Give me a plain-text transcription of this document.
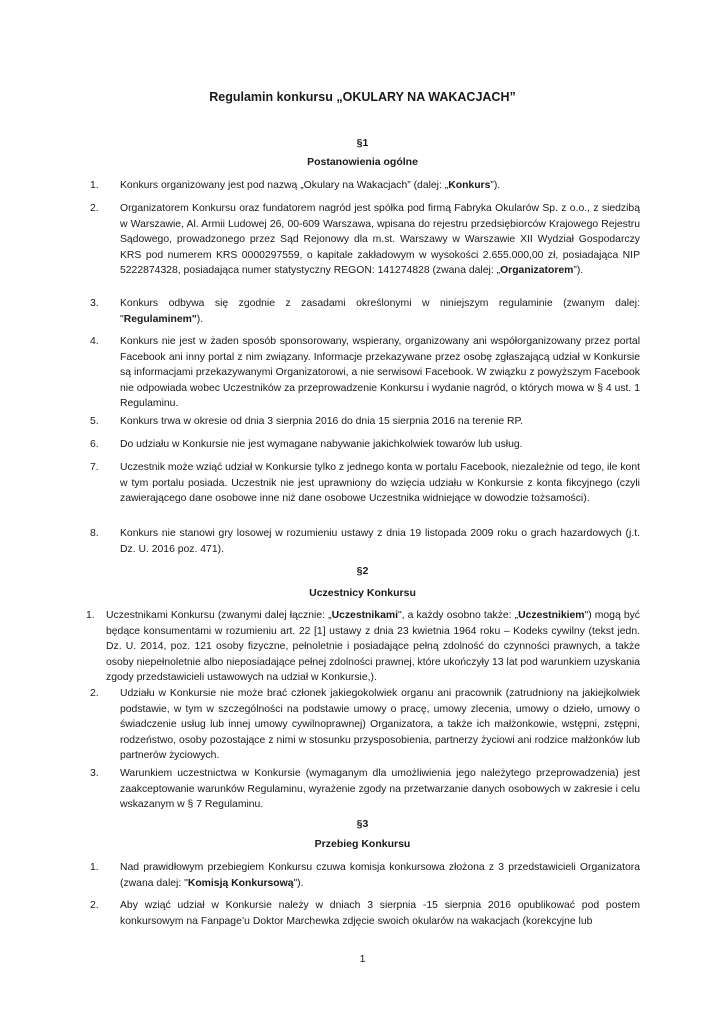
Regulamin konkursu „OKULARY NA WAKACJACH”
§1
Postanowienia ogólne
1.	Konkurs organizowany jest pod nazwą „Okulary na Wakacjach” (dalej: „Konkurs”).
2.	Organizatorem Konkursu oraz fundatorem nagród jest spółka pod firmą Fabryka Okularów Sp. z o.o., z siedzibą w Warszawie, Al. Armii Ludowej 26, 00-609 Warszawa, wpisana do rejestru przedsiębiorców Krajowego Rejestru Sądowego, prowadzonego przez Sąd Rejonowy dla m.st. Warszawy w Warszawie XII Wydział Gospodarczy KRS pod numerem KRS 0000297559, o kapitale zakładowym w wysokości 2.655.000,00 zł, posiadająca NIP 5222874328, posiadająca numer statystyczny REGON: 141274828 (zwana dalej: „Organizatorem”).
3.	Konkurs odbywa się zgodnie z zasadami określonymi w niniejszym regulaminie (zwanym dalej: "Regulaminem").
4.	Konkurs nie jest w żaden sposób sponsorowany, wspierany, organizowany ani współorganizowany przez portal Facebook ani inny portal z nim związany. Informacje przekazywane przez osobę zgłaszającą udział w Konkursie są informacjami przekazywanymi Organizatorowi, a nie serwisowi Facebook. W związku z powyższym Facebook nie odpowiada wobec Uczestników za przeprowadzenie Konkursu i wydanie nagród, o których mowa w § 4 ust. 1 Regulaminu.
5.	Konkurs trwa w okresie od dnia 3 sierpnia 2016 do dnia 15 sierpnia 2016 na terenie RP.
6.	Do udziału w Konkursie nie jest wymagane nabywanie jakichkolwiek towarów lub usług.
7.	Uczestnik może wziąć udział w Konkursie tylko z jednego konta w portalu Facebook, niezależnie od tego, ile kont w tym portalu posiada. Uczestnik nie jest uprawniony do wzięcia udziału w Konkursie z konta fikcyjnego (czyli zawierającego dane osobowe inne niż dane osobowe Uczestnika widniejące w dowodzie tożsamości).
8.	Konkurs nie stanowi gry losowej w rozumieniu ustawy z dnia 19 listopada 2009 roku o grach hazardowych (j.t. Dz. U. 2016 poz. 471).
§2
Uczestnicy Konkursu
1.	Uczestnikami Konkursu (zwanymi dalej łącznie: „Uczestnikami", a każdy osobno także: „Uczestnikiem") mogą być będące konsumentami w rozumieniu art. 22 [1] ustawy z dnia 23 kwietnia 1964 roku – Kodeks cywilny (tekst jedn. Dz. U. 2014, poz. 121 osoby fizyczne, pełnoletnie i posiadające pełną zdolność do czynności prawnych, a także osoby niepełnoletnie albo nieposiadające pełnej zdolności prawnej, które ukończyły 13 lat pod warunkiem uzyskania zgody przedstawicieli ustawowych na udział w Konkursie,).
2.	Udziału w Konkursie nie może brać członek jakiegokolwiek organu ani pracownik (zatrudniony na jakiejkolwiek podstawie, w tym w szczególności na podstawie umowy o pracę, umowy zlecenia, umowy o dzieło, umowy o świadczenie usług lub innej umowy cywilnoprawnej) Organizatora, a także ich małżonkowie, wstępni, zstępni, rodzeństwo, osoby pozostające z nimi w stosunku przysposobienia, partnerzy życiowi ani rodzice małżonków lub partnerów życiowych.
3.	Warunkiem uczestnictwa w Konkursie (wymaganym dla umożliwienia jego należytego przeprowadzenia) jest zaakceptowanie warunków Regulaminu, wyrażenie zgody na przetwarzanie danych osobowych w zakresie i celu wskazanym w § 7 Regulaminu.
§3
Przebieg Konkursu
1.	Nad prawidłowym przebiegiem Konkursu czuwa komisja konkursowa złożona z 3 przedstawicieli Organizatora (zwana dalej: "Komisją Konkursową").
2.	Aby wziąć udział w Konkursie należy w dniach 3 sierpnia -15 sierpnia 2016 opublikować pod postem konkursowym na Fanpage’u Doktor Marchewka zdjęcie swoich okularów na wakacjach (korekcyjne lub
1
